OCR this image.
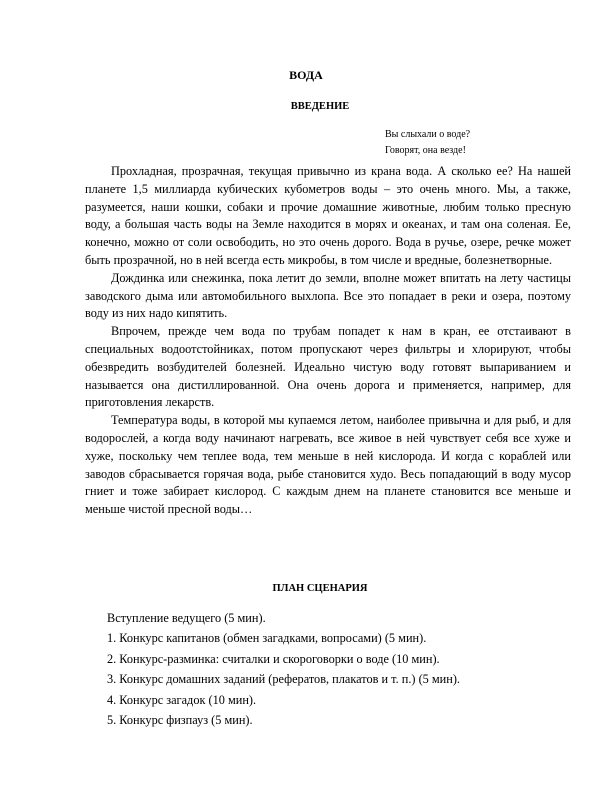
ВОДА
ВВЕДЕНИЕ
Вы слыхали о воде?
Говорят, она везде!

Прохладная, прозрачная, текущая привычно из крана вода. А сколько ее? На нашей планете 1,5 миллиарда кубических кубометров воды – это очень много. Мы, а также, разумеется, наши кошки, собаки и прочие домашние животные, любим только пресную воду, а большая часть воды на Земле находится в морях и океанах, и там она соленая. Ее, конечно, можно от соли освободить, но это очень дорого. Вода в ручье, озере, речке может быть прозрачной, но в ней всегда есть микробы, в том числе и вредные, болезнетворные.

Дождинка или снежинка, пока летит до земли, вполне может впитать на лету частицы заводского дыма или автомобильного выхлопа. Все это попадает в реки и озера, поэтому воду из них надо кипятить.

Впрочем, прежде чем вода по трубам попадет к нам в кран, ее отстаивают в специальных водоотстойниках, потом пропускают через фильтры и хлорируют, чтобы обезвредить возбудителей болезней. Идеально чистую воду готовят выпариванием и называется она дистиллированной. Она очень дорога и применяется, например, для приготовления лекарств.

Температура воды, в которой мы купаемся летом, наиболее привычна и для рыб, и для водорослей, а когда воду начинают нагревать, все живое в ней чувствует себя все хуже и хуже, поскольку чем теплее вода, тем меньше в ней кислорода. И когда с кораблей или заводов сбрасывается горячая вода, рыбе становится худо. Весь попадающий в воду мусор гниет и тоже забирает кислород. С каждым днем на планете становится все меньше и меньше чистой пресной воды…

ПЛАН СЦЕНАРИЯ
Вступление ведущего (5 мин).
1. Конкурс капитанов (обмен загадками, вопросами) (5 мин).
2. Конкурс-разминка: считалки и скороговорки о воде (10 мин).
3. Конкурс домашних заданий (рефератов, плакатов и т. п.) (5 мин).
4. Конкурс загадок (10 мин).
5. Конкурс физпауз (5 мин).
